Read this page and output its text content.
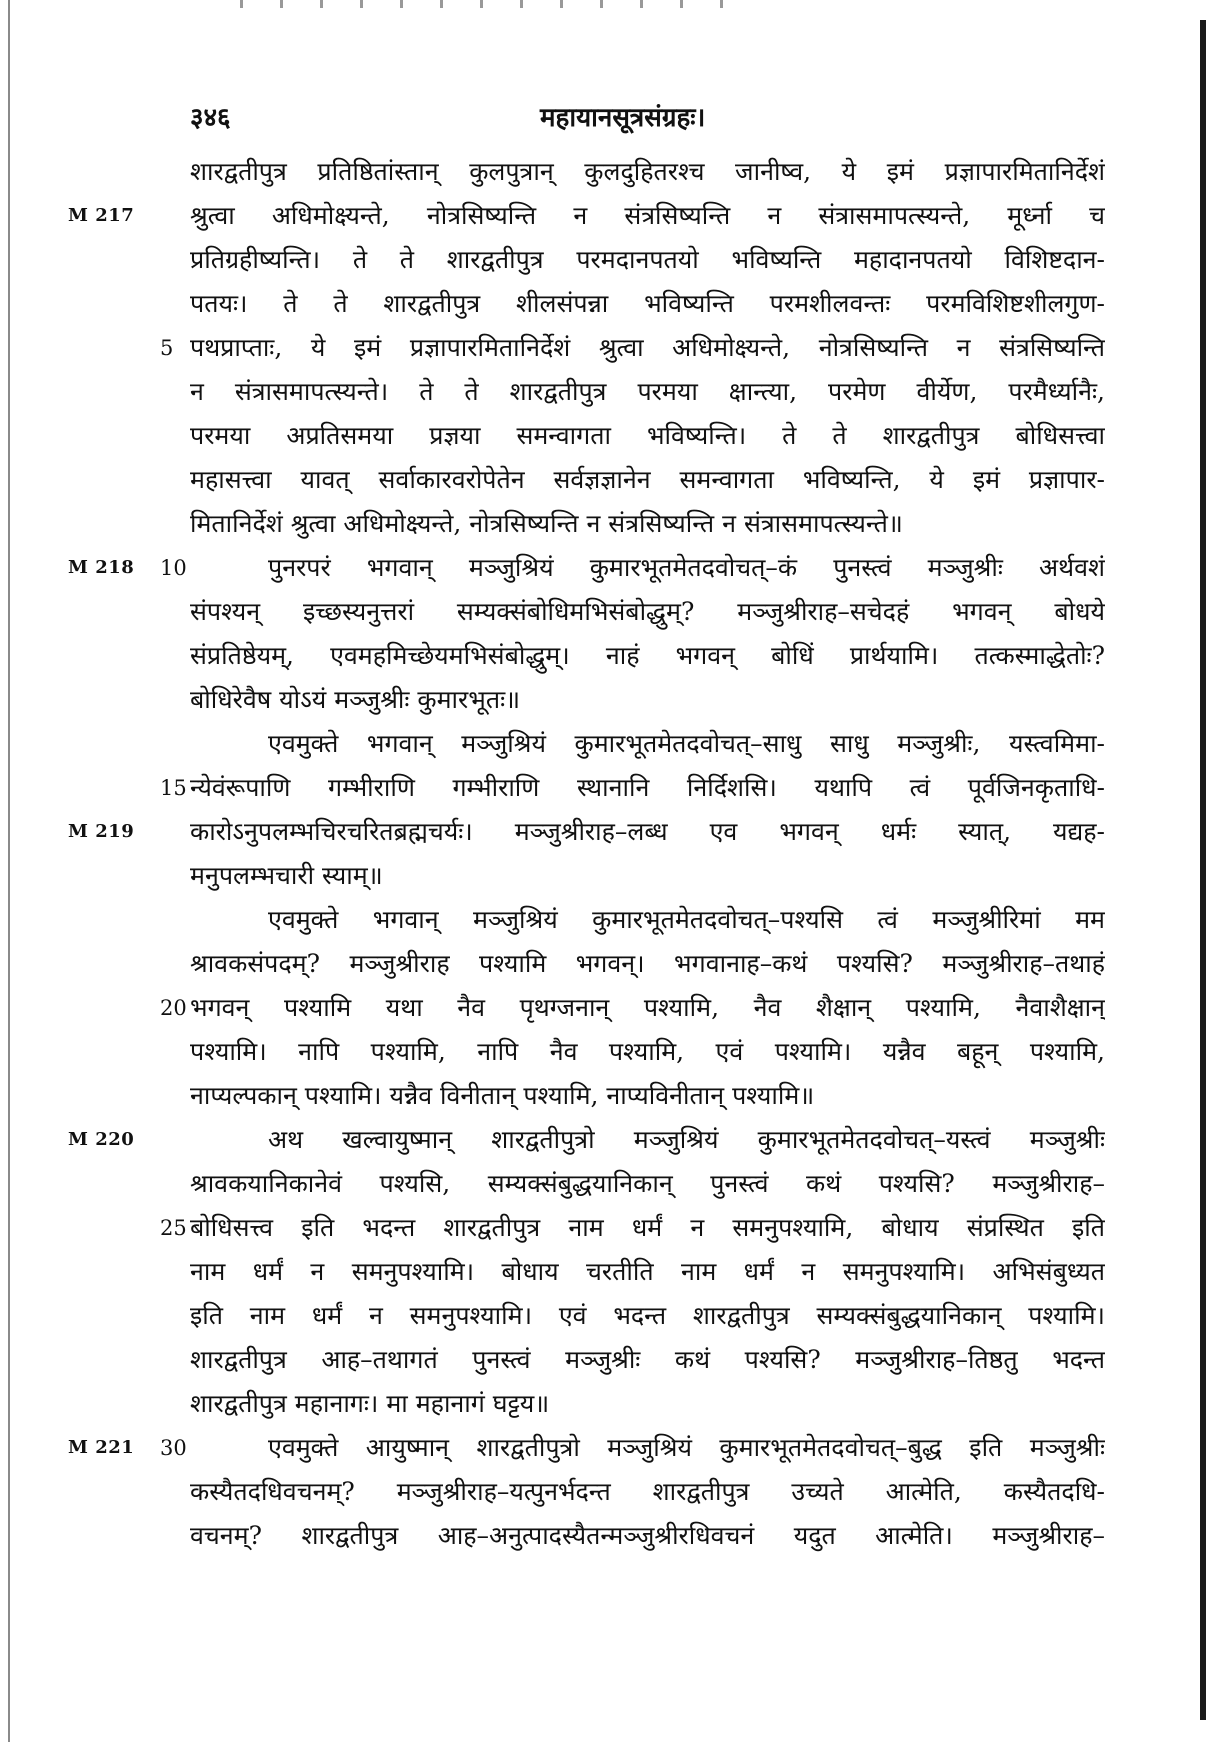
३४६	महायानसूत्रसंग्रहः।
M 217
M 218
M 219
M 220
M 221
5
10
15
20
25
30
शारद्वतीपुत्र प्रतिष्ठितांस्तान् कुलपुत्रान् कुलदुहितरश्च जानीष्व, ये इमं प्रज्ञापारमितानिर्देशं
श्रुत्वा अधिमोक्ष्यन्ते, नोत्रसिष्यन्ति न संत्रसिष्यन्ति न संत्रासमापत्स्यन्ते, मूर्ध्ना च
प्रतिग्रहीष्यन्ति। ते ते शारद्वतीपुत्र परमदानपतयो भविष्यन्ति महादानपतयो विशिष्टदान-
पतयः। ते ते शारद्वतीपुत्र शीलसंपन्ना भविष्यन्ति परमशीलवन्तः परमविशिष्टशीलगुण-
पथप्राप्ताः, ये इमं प्रज्ञापारमितानिर्देशं श्रुत्वा अधिमोक्ष्यन्ते, नोत्रसिष्यन्ति न संत्रसिष्यन्ति
न संत्रासमापत्स्यन्ते। ते ते शारद्वतीपुत्र परमया क्षान्त्या, परमेण वीर्येण, परमैर्ध्यानैः,
परमया अप्रतिसमया प्रज्ञया समन्वागता भविष्यन्ति। ते ते शारद्वतीपुत्र बोधिसत्त्वा
महासत्त्वा यावत् सर्वाकारवरोपेतेन सर्वज्ञज्ञानेन समन्वागता भविष्यन्ति, ये इमं प्रज्ञापार-
मितानिर्देशं श्रुत्वा अधिमोक्ष्यन्ते, नोत्रसिष्यन्ति न संत्रसिष्यन्ति न संत्रासमापत्स्यन्ते॥
पुनरपरं भगवान् मञ्जुश्रियं कुमारभूतमेतदवोचत्–कं पुनस्त्वं मञ्जुश्रीः अर्थवशं
संपश्यन् इच्छस्यनुत्तरां सम्यक्संबोधिमभिसंबोद्धुम्? मञ्जुश्रीराह–सचेदहं भगवन् बोधये
संप्रतिष्ठेयम्, एवमहमिच्छेयमभिसंबोद्धुम्। नाहं भगवन् बोधिं प्रार्थयामि। तत्कस्माद्धेतोः?
बोधिरेवैष योऽयं मञ्जुश्रीः कुमारभूतः॥
एवमुक्ते भगवान् मञ्जुश्रियं कुमारभूतमेतदवोचत्–साधु साधु मञ्जुश्रीः, यस्त्वमिमा-
न्येवंरूपाणि गम्भीराणि गम्भीराणि स्थानानि निर्दिशसि। यथापि त्वं पूर्वजिनकृताधि-
कारोऽनुपलम्भचिरचरितब्रह्मचर्यः। मञ्जुश्रीराह–लब्ध एव भगवन् धर्मः स्यात्, यद्यह-
मनुपलम्भचारी स्याम्॥
एवमुक्ते भगवान् मञ्जुश्रियं कुमारभूतमेतदवोचत्–पश्यसि त्वं मञ्जुश्रीरिमां मम
श्रावकसंपदम्? मञ्जुश्रीराह पश्यामि भगवन्। भगवानाह–कथं पश्यसि? मञ्जुश्रीराह–तथाहं
भगवन् पश्यामि यथा नैव पृथग्जनान् पश्यामि, नैव शैक्षान् पश्यामि, नैवाशैक्षान्
पश्यामि। नापि पश्यामि, नापि नैव पश्यामि, एवं पश्यामि। यन्नैव बहून् पश्यामि,
नाप्यल्पकान् पश्यामि। यन्नैव विनीतान् पश्यामि, नाप्यविनीतान् पश्यामि॥
अथ खल्वायुष्मान् शारद्वतीपुत्रो मञ्जुश्रियं कुमारभूतमेतदवोचत्–यस्त्वं मञ्जुश्रीः
श्रावकयानिकानेवं पश्यसि, सम्यक्संबुद्धयानिकान् पुनस्त्वं कथं पश्यसि? मञ्जुश्रीराह–
बोधिसत्त्व इति भदन्त शारद्वतीपुत्र नाम धर्मं न समनुपश्यामि, बोधाय संप्रस्थित इति
नाम धर्मं न समनुपश्यामि। बोधाय चरतीति नाम धर्मं न समनुपश्यामि। अभिसंबुध्यत
इति नाम धर्मं न समनुपश्यामि। एवं भदन्त शारद्वतीपुत्र सम्यक्संबुद्धयानिकान् पश्यामि।
शारद्वतीपुत्र आह–तथागतं पुनस्त्वं मञ्जुश्रीः कथं पश्यसि? मञ्जुश्रीराह–तिष्ठतु भदन्त
शारद्वतीपुत्र महानागः। मा महानागं घट्टय॥
एवमुक्ते आयुष्मान् शारद्वतीपुत्रो मञ्जुश्रियं कुमारभूतमेतदवोचत्–बुद्ध इति मञ्जुश्रीः
कस्यैतदधिवचनम्? मञ्जुश्रीराह–यत्पुनर्भदन्त शारद्वतीपुत्र उच्यते आत्मेति, कस्यैतदधि-
वचनम्? शारद्वतीपुत्र आह–अनुत्पादस्यैतन्मञ्जुश्रीरधिवचनं यदुत आत्मेति। मञ्जुश्रीराह–
